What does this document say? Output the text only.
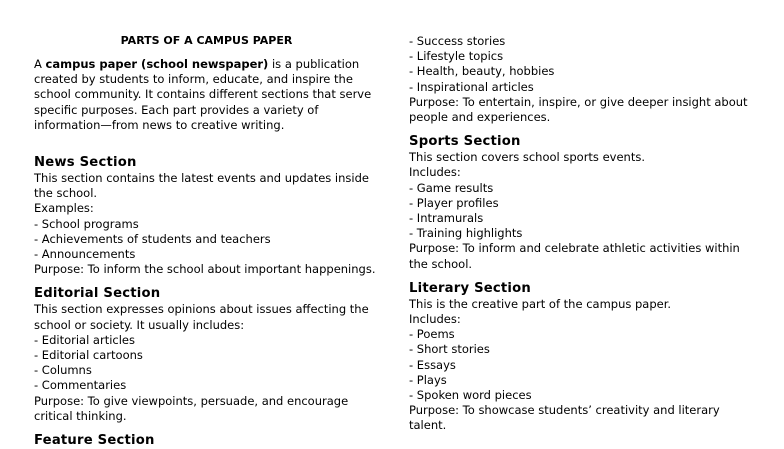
PARTS OF A CAMPUS PAPER

A campus paper (school newspaper) is a publication created by students to inform, educate, and inspire the school community. It contains different sections that serve specific purposes. Each part provides a variety of information—from news to creative writing.

News Section

This section contains the latest events and updates inside the school.
Examples:
- School programs
- Achievements of students and teachers
- Announcements
Purpose: To inform the school about important happenings.

Editorial Section

This section expresses opinions about issues affecting the school or society. It usually includes:
- Editorial articles
- Editorial cartoons
- Columns
- Commentaries
Purpose: To give viewpoints, persuade, and encourage critical thinking.

Feature Section

- Success stories
- Lifestyle topics
- Health, beauty, hobbies
- Inspirational articles
Purpose: To entertain, inspire, or give deeper insight about people and experiences.

Sports Section

This section covers school sports events.
Includes:
- Game results
- Player profiles
- Intramurals
- Training highlights
Purpose: To inform and celebrate athletic activities within the school.

Literary Section

This is the creative part of the campus paper.
Includes:
- Poems
- Short stories
- Essays
- Plays
- Spoken word pieces
Purpose: To showcase students’ creativity and literary talent.
